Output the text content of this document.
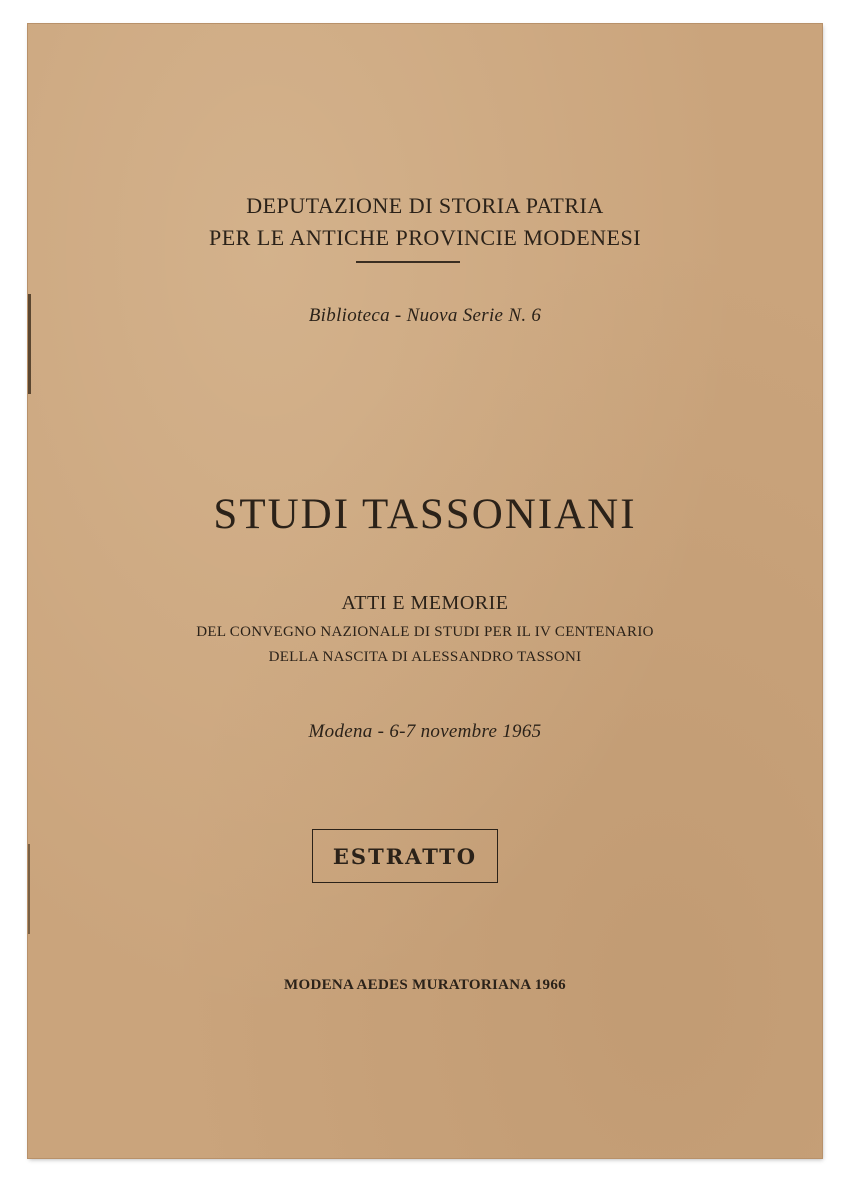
DEPUTAZIONE DI STORIA PATRIA
PER LE ANTICHE PROVINCIE MODENESI
Biblioteca - Nuova Serie N. 6
STUDI TASSONIANI
ATTI E MEMORIE
DEL CONVEGNO NAZIONALE DI STUDI PER IL IV CENTENARIO
DELLA NASCITA DI ALESSANDRO TASSONI
Modena - 6-7 novembre 1965
ESTRATTO
MODENA AEDES MURATORIANA 1966
